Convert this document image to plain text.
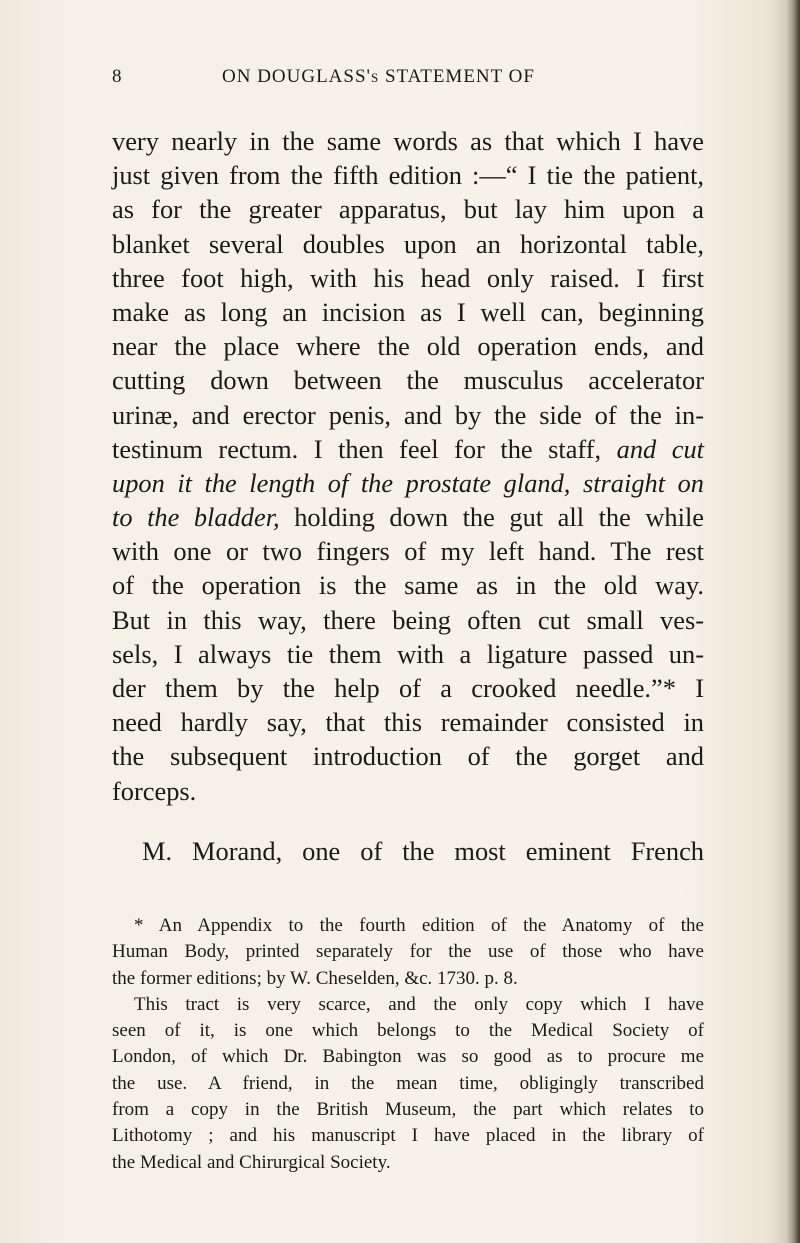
8	ON DOUGLASS's STATEMENT OF
very nearly in the same words as that which I have
just given from the fifth edition :—“ I tie the patient,
as for the greater apparatus, but lay him upon a
blanket several doubles upon an horizontal table,
three foot high, with his head only raised. I first
make as long an incision as I well can, beginning
near the place where the old operation ends, and
cutting down between the musculus accelerator
urinæ, and erector penis, and by the side of the in-
testinum rectum. I then feel for the staff, and cut
upon it the length of the prostate gland, straight on
to the bladder, holding down the gut all the while
with one or two fingers of my left hand. The rest
of the operation is the same as in the old way.
But in this way, there being often cut small ves-
sels, I always tie them with a ligature passed un-
der them by the help of a crooked needle.”* I
need hardly say, that this remainder consisted in
the subsequent introduction of the gorget and
forceps.
M. Morand, one of the most eminent French
* An Appendix to the fourth edition of the Anatomy of the
Human Body, printed separately for the use of those who have
the former editions; by W. Cheselden, &c. 1730. p. 8.
This tract is very scarce, and the only copy which I have
seen of it, is one which belongs to the Medical Society of
London, of which Dr. Babington was so good as to procure me
the use. A friend, in the mean time, obligingly transcribed
from a copy in the British Museum, the part which relates to
Lithotomy ; and his manuscript I have placed in the library of
the Medical and Chirurgical Society.
